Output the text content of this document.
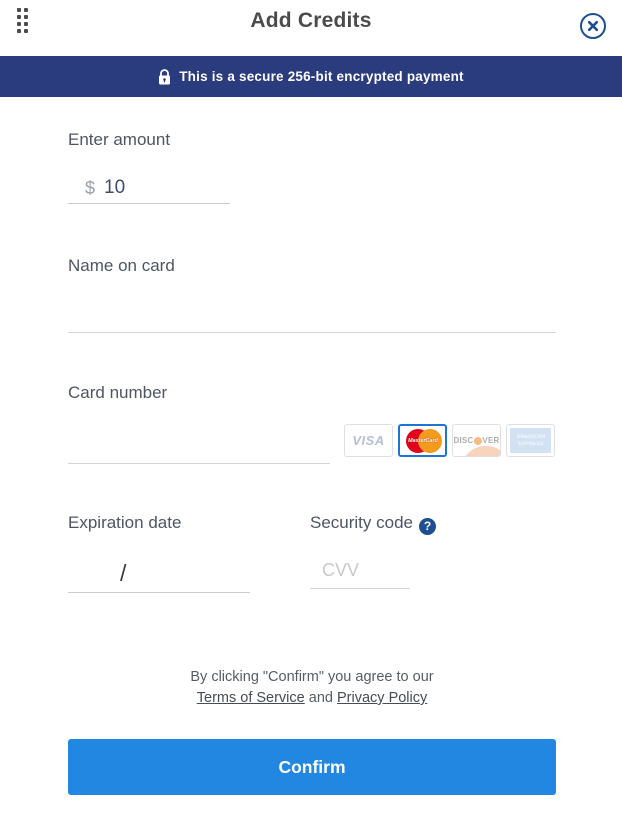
Add Credits
This is a secure 256-bit encrypted payment
Enter amount
$ 10
Name on card
Card number
VISA	MasterCard	DISC VER	AMERICAN
EXPRESS
Expiration date
/
Security code ?
CVV
By clicking "Confirm" you agree to our
Terms of Service and Privacy Policy
Confirm
